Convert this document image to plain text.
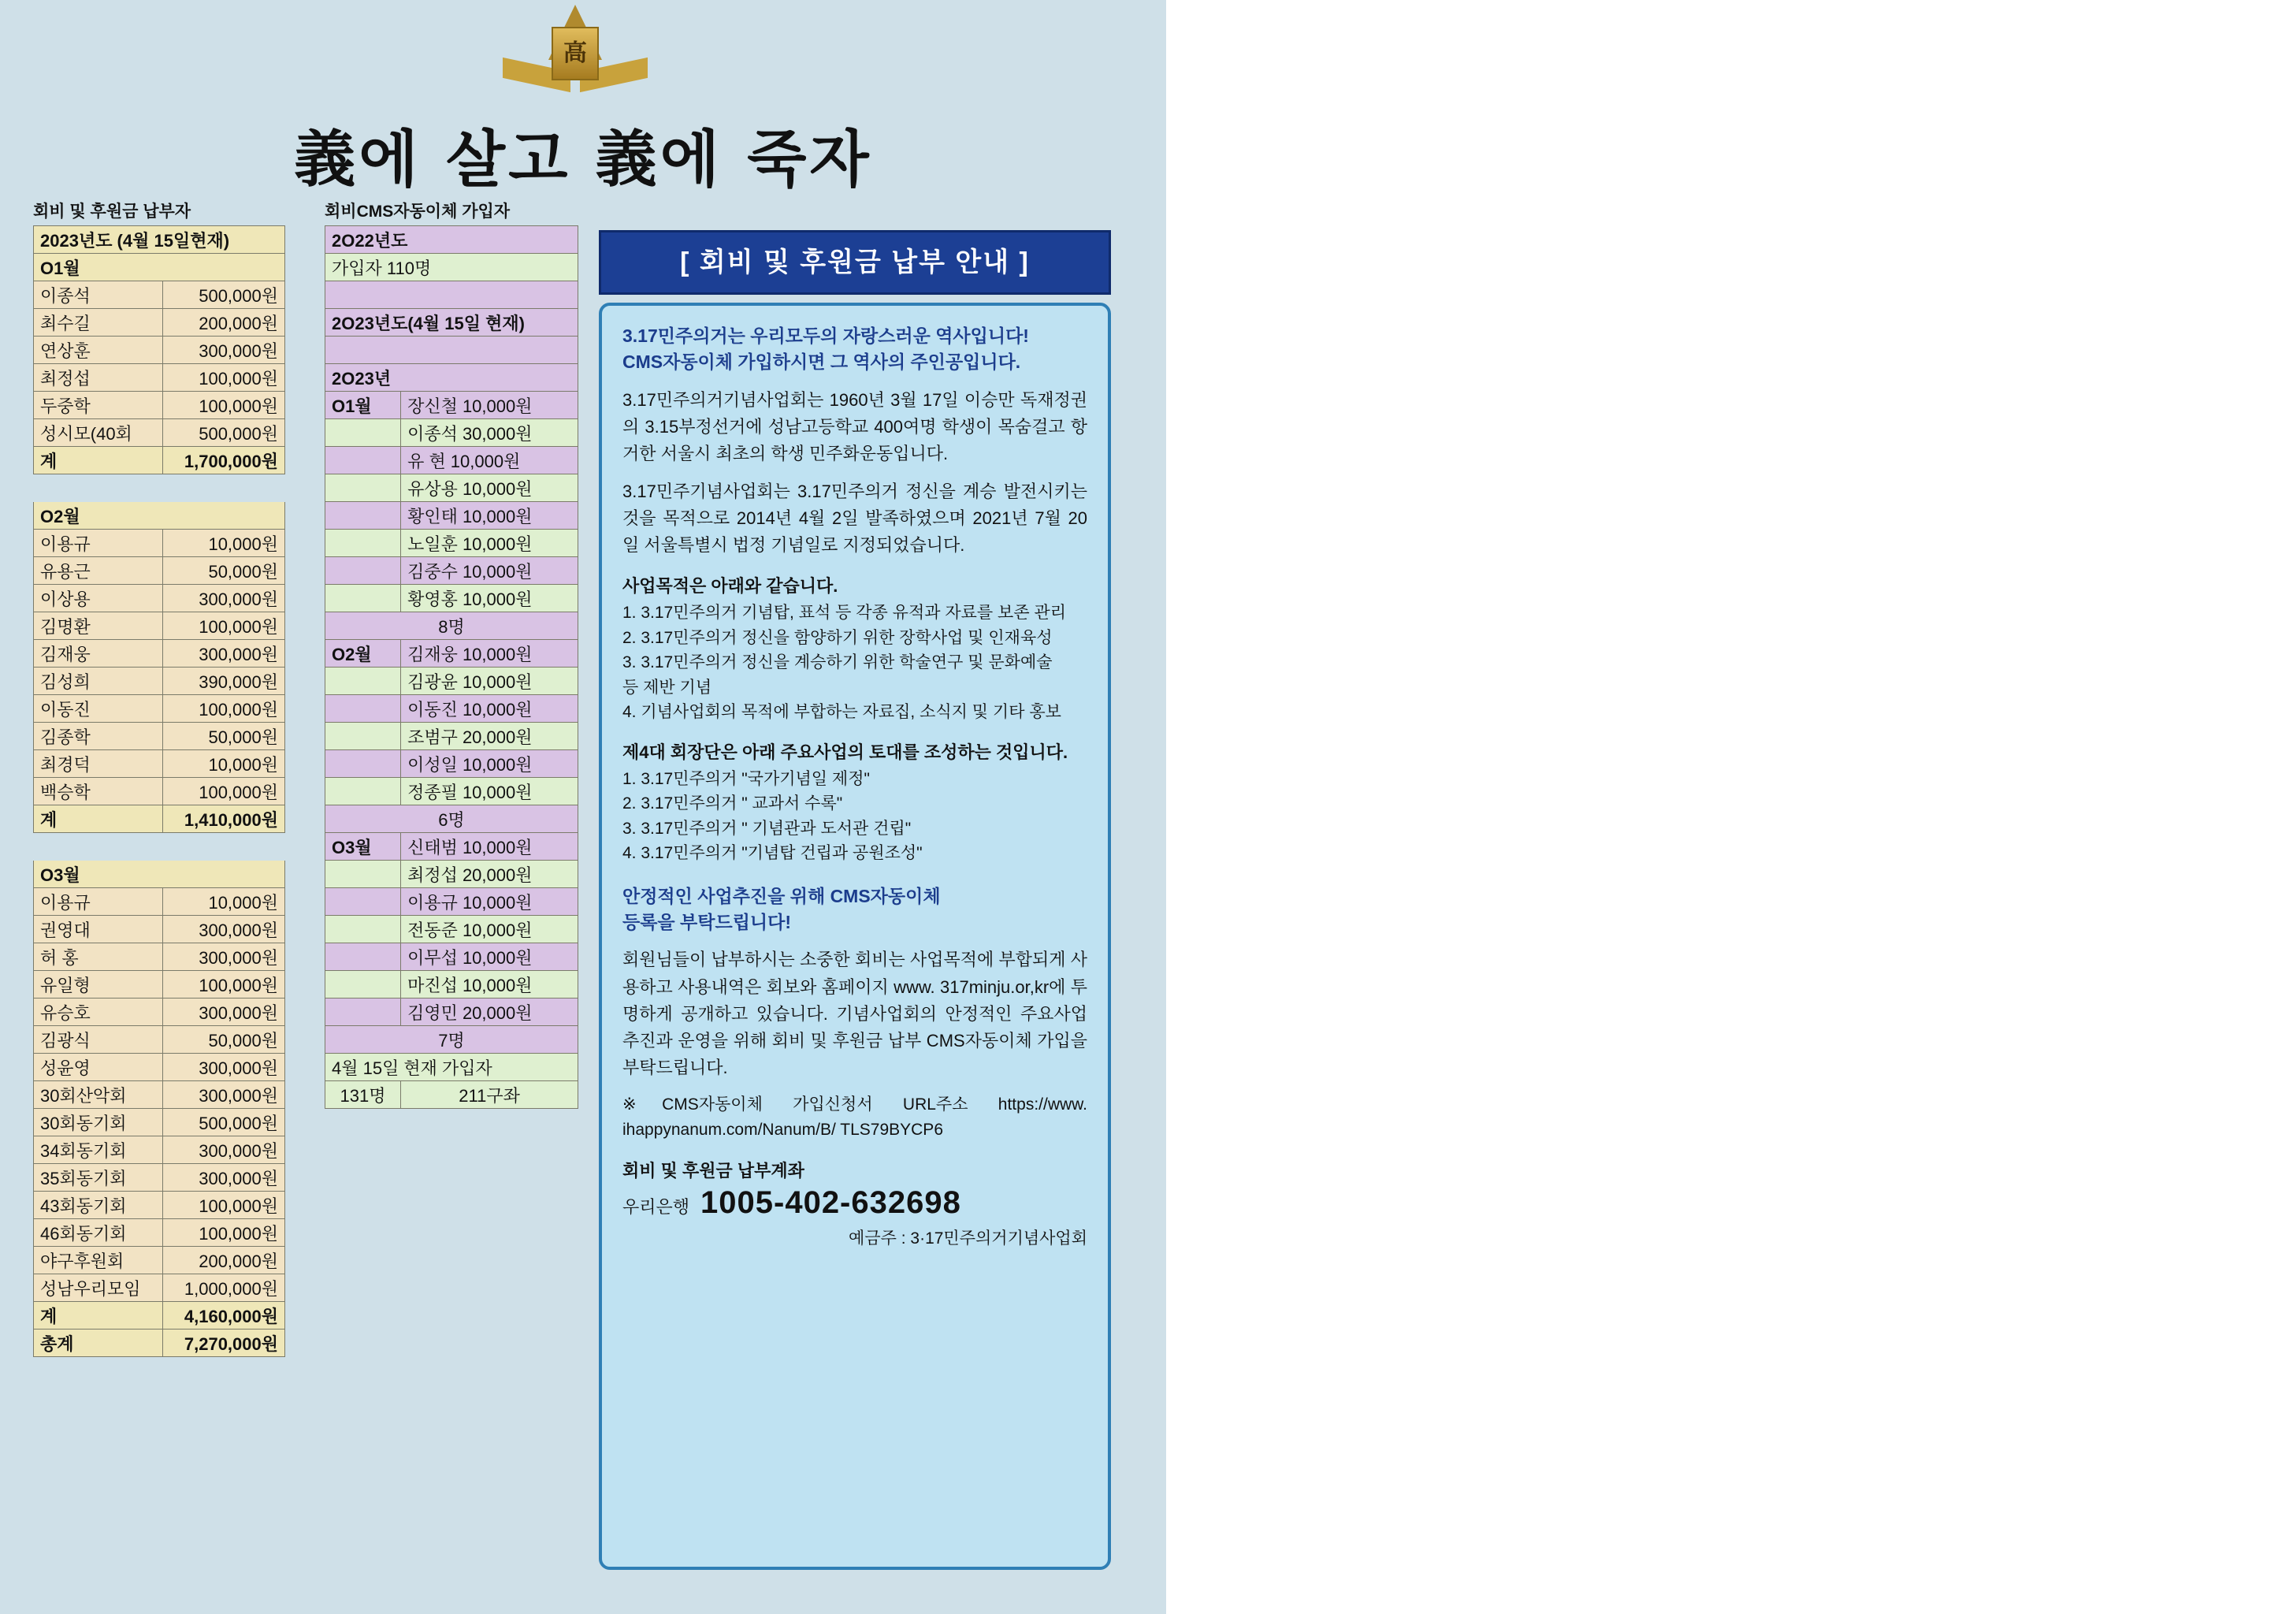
高
義에 살고 義에 죽자
회비 및 후원금 납부자	회비CMS자동이체 가입자
2023년도 (4월 15일현재)	
O1월	
이종석	500,000원
최수길	200,000원
연상훈	300,000원
최정섭	100,000원
두중학	100,000원
성시모(40회	500,000원
계	1,700,000원

O2월	
이용규	10,000원
유용근	50,000원
이상용	300,000원
김명환	100,000원
김재웅	300,000원
김성희	390,000원
이동진	100,000원
김종학	50,000원
최경덕	10,000원
백승학	100,000원
계	1,410,000원

O3월	
이용규	10,000원
권영대	300,000원
허 홍	300,000원
유일형	100,000원
유승호	300,000원
김광식	50,000원
성윤영	300,000원
30회산악회	300,000원
30회동기회	500,000원
34회동기회	300,000원
35회동기회	300,000원
43회동기회	100,000원
46회동기회	100,000원
야구후원회	200,000원
성남우리모임	1,000,000원
계	4,160,000원
총계	7,270,000원
2O22년도	
가입자 110명	

2O23년도(4월 15일 현재)	

2O23년	
O1월	장신철 10,000원
	이종석 30,000원
	유 현 10,000원
	유상용 10,000원
	황인태 10,000원
	노일훈 10,000원
	김중수 10,000원
	황영홍 10,000원
8명	
O2월	김재웅 10,000원
	김광윤 10,000원
	이동진 10,000원
	조범구 20,000원
	이성일 10,000원
	정종필 10,000원
6명	
O3월	신태범 10,000원
	최정섭 20,000원
	이용규 10,000원
	전동준 10,000원
	이무섭 10,000원
	마진섭 10,000원
	김영민 20,000원
7명	
4월 15일 현재 가입자	
131명	211구좌
[ 회비 및 후원금 납부 안내 ]
3.17민주의거는 우리모두의 자랑스러운 역사입니다!
CMS자동이체 가입하시면 그 역사의 주인공입니다.

3.17민주의거기념사업회는 1960년 3월 17일 이승만 독재정권의 3.15부정선거에 성남고등학교 400여명 학생이 목숨걸고 항거한 서울시 최초의 학생 민주화운동입니다.

3.17민주기념사업회는 3.17민주의거 정신을 계승 발전시키는 것을 목적으로 2014년 4월 2일 발족하였으며 2021년 7월 20일 서울특별시 법정 기념일로 지정되었습니다.

사업목적은 아래와 같습니다.
1. 3.17민주의거 기념탑, 표석 등 각종 유적과 자료를 보존 관리
2. 3.17민주의거 정신을 함양하기 위한 장학사업 및 인재육성
3. 3.17민주의거 정신을 계승하기 위한 학술연구 및 문화예술
등 제반 기념
4. 기념사업회의 목적에 부합하는 자료집, 소식지 및 기타 홍보
제4대 회장단은 아래 주요사업의 토대를 조성하는 것입니다.
1. 3.17민주의거 "국가기념일 제정"
2. 3.17민주의거 " 교과서 수록"
3. 3.17민주의거 " 기념관과 도서관 건립"
4. 3.17민주의거 "기념탑 건립과 공원조성"
안정적인 사업추진을 위해 CMS자동이체
등록을 부탁드립니다!

회원님들이 납부하시는 소중한 회비는 사업목적에 부합되게 사용하고 사용내역은 회보와 홈페이지 www. 317minju.or,kr에 투명하게 공개하고 있습니다. 기념사업회의 안정적인 주요사업 추진과 운영을 위해 회비 및 후원금 납부 CMS자동이체 가입을 부탁드립니다.

※CMS자동이체 가입신청서 URL주소 https://www. ihappynanum.com/Nanum/B/ TLS79BYCP6

회비 및 후원금 납부계좌
우리은행 1005-402-632698
예금주 : 3·17민주의거기념사업회
